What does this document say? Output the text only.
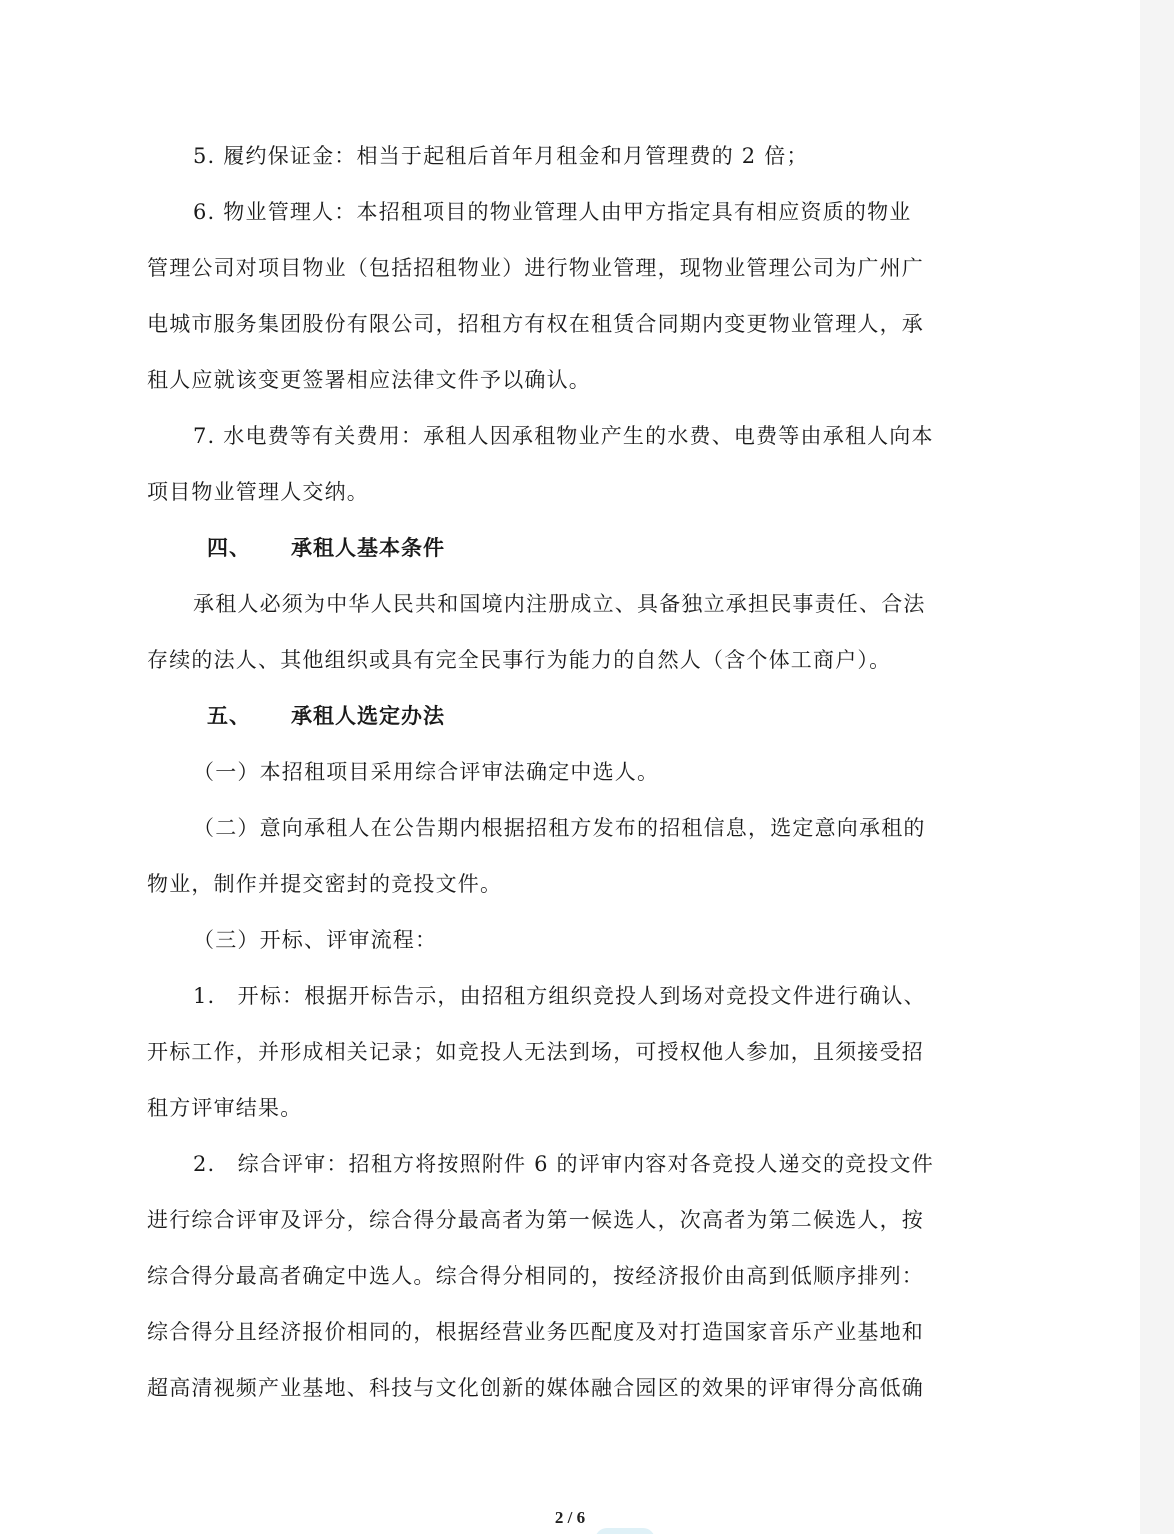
5. 履约保证金：相当于起租后首年月租金和月管理费的 2 倍；

6. 物业管理人：本招租项目的物业管理人由甲方指定具有相应资质的物业

管理公司对项目物业（包括招租物业）进行物业管理，现物业管理公司为广州广

电城市服务集团股份有限公司，招租方有权在租赁合同期内变更物业管理人，承

租人应就该变更签署相应法律文件予以确认。

7. 水电费等有关费用：承租人因承租物业产生的水费、电费等由承租人向本

项目物业管理人交纳。

四、 承租人基本条件

承租人必须为中华人民共和国境内注册成立、具备独立承担民事责任、合法

存续的法人、其他组织或具有完全民事行为能力的自然人（含个体工商户）。

五、 承租人选定办法

（一）本招租项目采用综合评审法确定中选人。

（二）意向承租人在公告期内根据招租方发布的招租信息，选定意向承租的

物业，制作并提交密封的竞投文件。

（三）开标、评审流程：

1.　开标：根据开标告示，由招租方组织竞投人到场对竞投文件进行确认、

开标工作，并形成相关记录；如竞投人无法到场，可授权他人参加，且须接受招

租方评审结果。

2.　综合评审：招租方将按照附件 6 的评审内容对各竞投人递交的竞投文件

进行综合评审及评分，综合得分最高者为第一候选人，次高者为第二候选人，按

综合得分最高者确定中选人。综合得分相同的，按经济报价由高到低顺序排列：

综合得分且经济报价相同的，根据经营业务匹配度及对打造国家音乐产业基地和

超高清视频产业基地、科技与文化创新的媒体融合园区的效果的评审得分高低确

2 / 6
